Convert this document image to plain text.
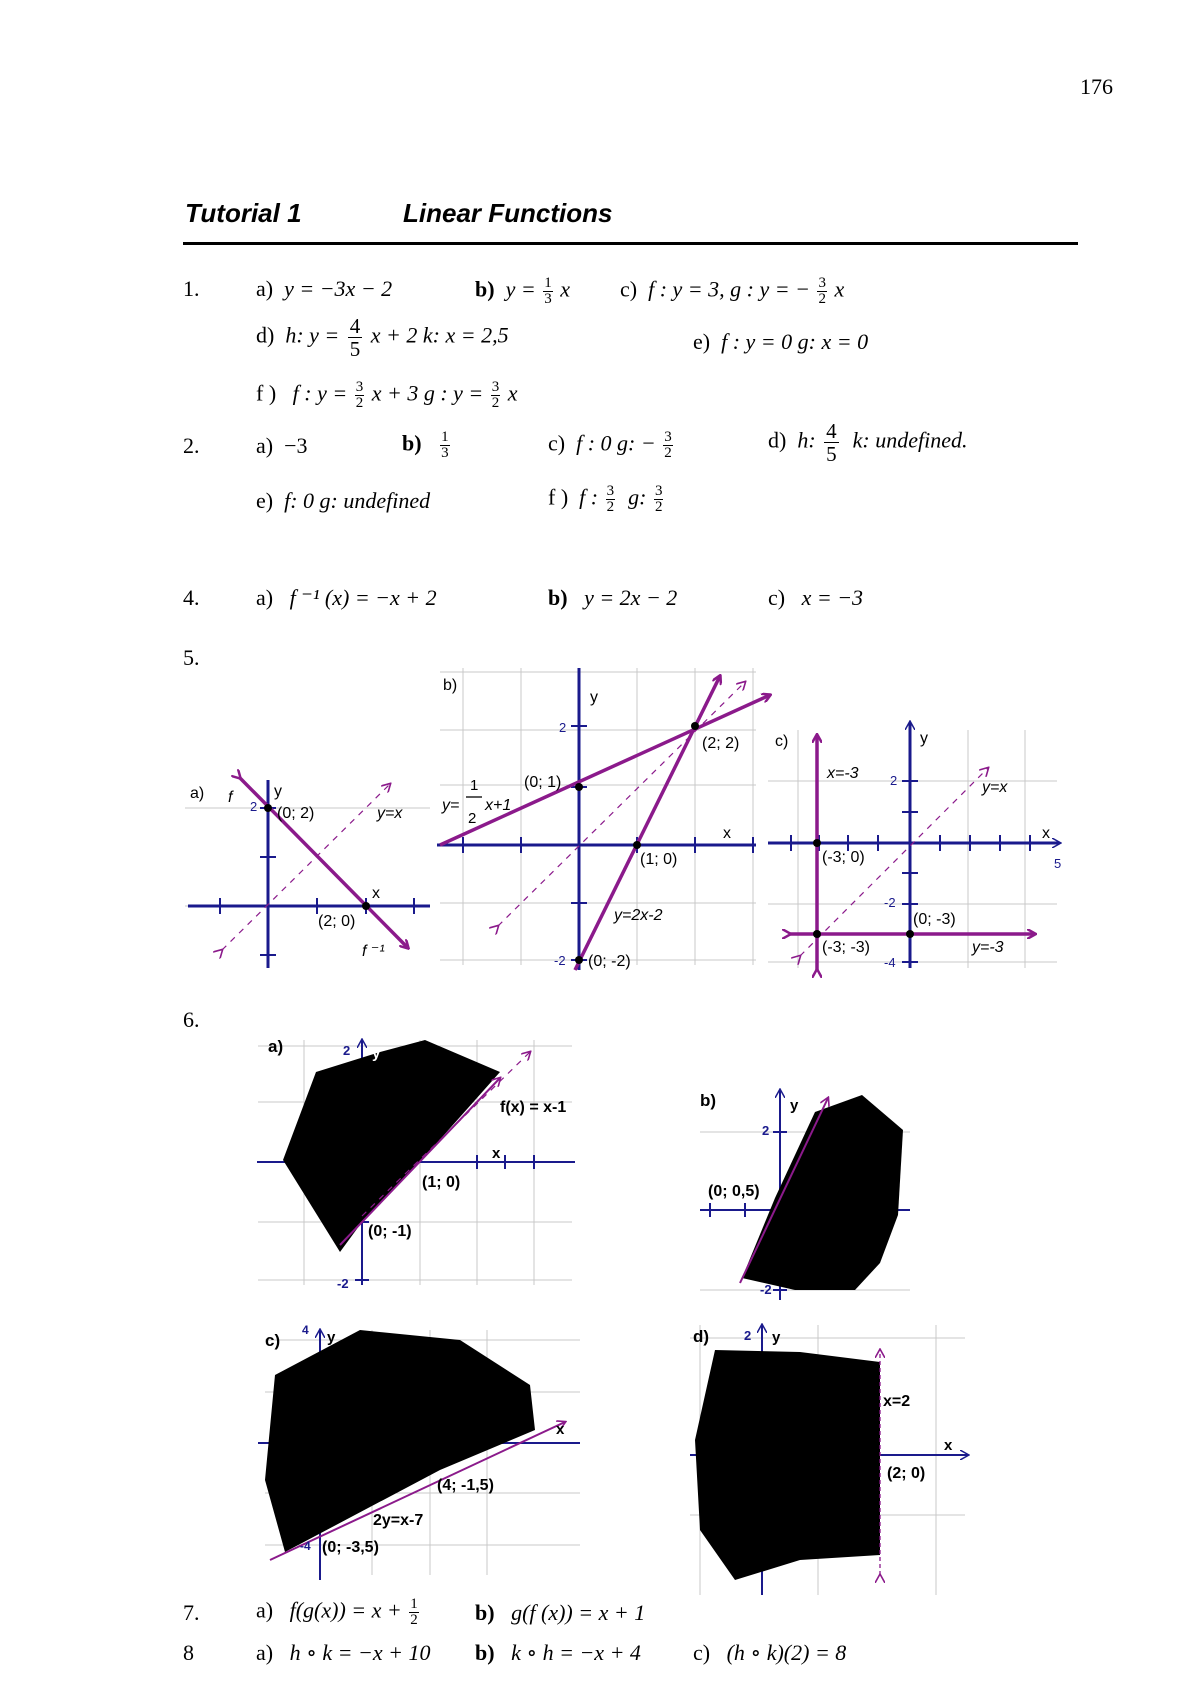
176
Tutorial 1	Linear Functions
1.	a) y = −3x − 2	b) $y = \frac{1}{3}$ x c) f : y = 3, g : y = − $\frac{3}{2}$ x
d) h: $y = \frac{4}{5}$ x + 2 k: x = 2,5	e) f : y = 0 g: x = 0
f ) f : $y = \frac{3}{2}$ x + 3 g : $y = \frac{3}{2}$ x
2.	a) −3	$b) \frac{1}{3}$	c) f : 0 g: − $\frac{3}{2}$	d) h: $\frac{4}{5} k$: undefined.
e) f: 0 g: undefined	f ) f : $\frac{3}{2} g$: $\frac{3}{2}$
4.	a) f ⁻¹ (x) = −x + 2	b) y = 2x − 2	c) x = −3
5.
a) f	y
x
2 (0; 2)
(2; 0)
y=x
f ⁻¹
b)
y
x
2
-2
(0; 1)
(2; 2)
(1; 0)
(0; -2)
y=
1
2
x+1
y=2x-2
c)	y
x
2
-2
-4
5
x=-3
y=x
(-3; 0)
(0; -3)
(-3; -3)	y=-3
a)	2 y
x
f(x) = x-1
(1; 0)
(0; -1)
-2
b)	y
2
(0; 0,5)
-2
c)
4 y
x
(4; -1,5)
2y=x-7
(0; -3,5)
-4
d)	2 y
x
x=2
(2; 0)
6.
7.	a) $f(g(x)) = x + \frac{1}{2}$	b) g(f (x)) = x + 1
8	a) h ∘ k = −x + 10 b) k ∘ h = −x + 4 c) (h ∘ k)(2) = 8
